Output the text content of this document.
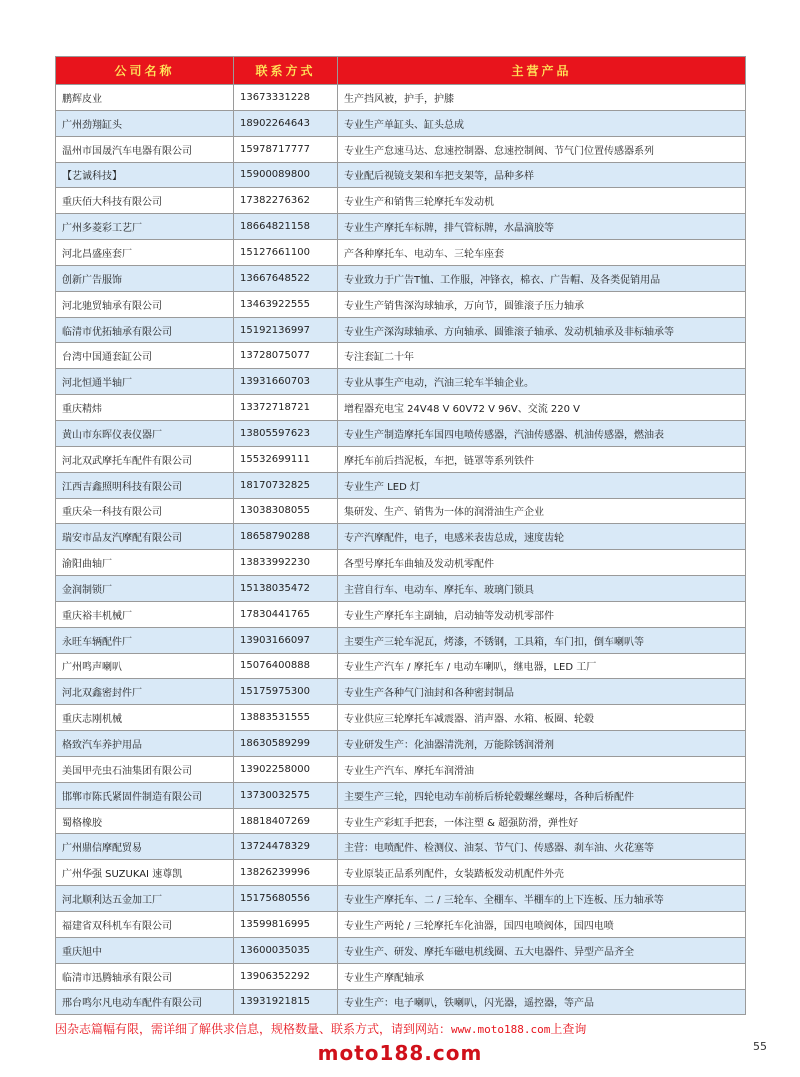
公司名称	联系方式	主营产品
鹏辉皮业	13673331228	生产挡风被，护手，护膝
广州劲翔缸头	18902264643	专业生产单缸头、缸头总成
温州市国晟汽车电器有限公司	15978717777	专业生产怠速马达、怠速控制器、怠速控制阀、节气门位置传感器系列
【艺诚科技】	15900089800	专业配后视镜支架和车把支架等，品种多样
重庆佰大科技有限公司	17382276362	专业生产和销售三轮摩托车发动机
广州多菱彩工艺厂	18664821158	专业生产摩托车标牌，排气管标牌，水晶滴胶等
河北昌盛座套厂	15127661100	产各种摩托车、电动车、三轮车座套
创新广告服饰	13667648522	专业致力于广告T恤、工作服，冲锋衣，棉衣、广告帽、及各类促销用品
河北驰贸轴承有限公司	13463922555	专业生产销售深沟球轴承，万向节，圆锥滚子压力轴承
临清市优拓轴承有限公司	15192136997	专业生产深沟球轴承、方向轴承、圆锥滚子轴承、发动机轴承及非标轴承等
台湾中国通套缸公司	13728075077	专注套缸二十年
河北恒通半轴厂	13931660703	专业从事生产电动，汽油三轮车半轴企业。
重庆精炜	13372718721	增程器充电宝 24V48 V 60V72 V 96V、交流 220 V
黄山市东晖仪表仪器厂	13805597623	专业生产制造摩托车国四电喷传感器，汽油传感器、机油传感器，燃油表
河北双武摩托车配件有限公司	15532699111	摩托车前后挡泥板，车把，链罩等系列铁件
江西吉鑫照明科技有限公司	18170732825	专业生产 LED 灯
重庆朵一科技有限公司	13038308055	集研发、生产、销售为一体的润滑油生产企业
瑞安市品友汽摩配有限公司	18658790288	专产汽摩配件，电子，电感米表齿总成，速度齿轮
渝阳曲轴厂	13833992230	各型号摩托车曲轴及发动机零配件
金润制锁厂	15138035472	主营自行车、电动车、摩托车、玻璃门锁具
重庆裕丰机械厂	17830441765	专业生产摩托车主副轴，启动轴等发动机零部件
永旺车辆配件厂	13903166097	主要生产三轮车泥瓦，烤漆，不锈钢，工具箱，车门扣，倒车喇叭等
广州鸣声喇叭	15076400888	专业生产汽车 / 摩托车 / 电动车喇叭，继电器，LED 工厂
河北双鑫密封件厂	15175975300	专业生产各种气门油封和各种密封制品
重庆志刚机械	13883531555	专业供应三轮摩托车减震器、消声器、水箱、板圈、轮毂
格致汽车养护用品	18630589299	专业研发生产：化油器清洗剂，万能除锈润滑剂
美国甲壳虫石油集团有限公司	13902258000	专业生产汽车、摩托车润滑油
邯郸市陈氏紧固件制造有限公司	13730032575	主要生产三轮，四轮电动车前桥后桥轮毂螺丝螺母，各种后桥配件
蜀格橡胶	18818407269	专业生产彩虹手把套，一体注塑 & 超强防滑，弹性好
广州鼎信摩配贸易	13724478329	主营：电喷配件、检测仪、油泵、节气门、传感器、刹车油、火花塞等
广州华强 SUZUKAI 速尊凯	13826239996	专业原装正品系列配件，女装踏板发动机配件外壳
河北顺利达五金加工厂	15175680556	专业生产摩托车、二 / 三轮车、全棚车、半棚车的上下连板、压力轴承等
福建省双科机车有限公司	13599816995	专业生产两轮 / 三轮摩托车化油器，国四电喷阀体，国四电喷
重庆旭中	13600035035	专业生产、研发、摩托车磁电机线圈、五大电器件、异型产品齐全
临清市迅腾轴承有限公司	13906352292	专业生产摩配轴承
邢台鸣尔凡电动车配件有限公司	13931921815	专业生产：电子喇叭，铁喇叭，闪光器，遥控器，等产品
因杂志篇幅有限，需详细了解供求信息，规格数量、联系方式，请到网站：www.moto188.com上查询
moto188.com	55
